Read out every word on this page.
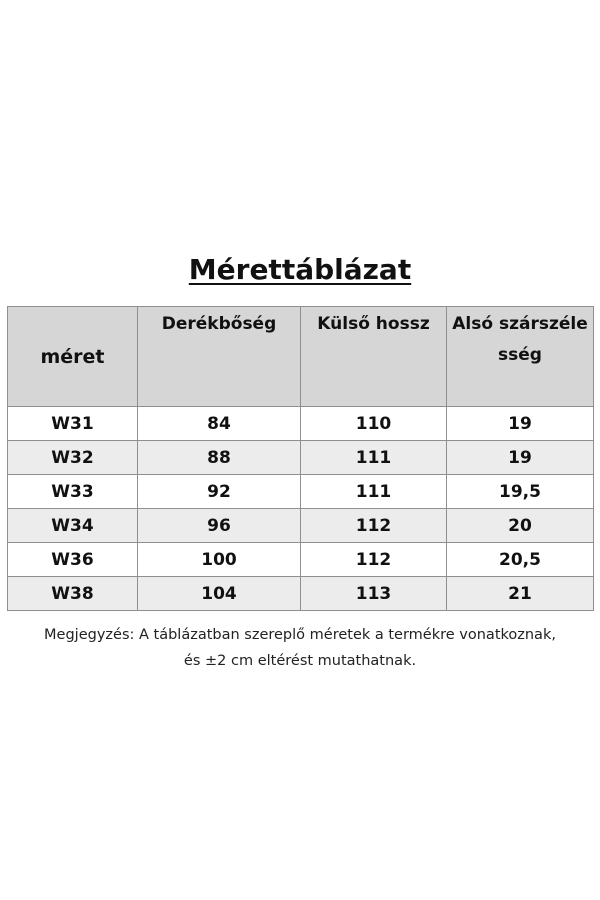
Mérettáblázat
méret	Derékbőség	Külső hossz	Alsó szárszélesség
W31	84	110	19
W32	88	111	19
W33	92	111	19,5
W34	96	112	20
W36	100	112	20,5
W38	104	113	21

Megjegyzés: A táblázatban szereplő méretek a termékre vonatkoznak, és ±2 cm eltérést mutathatnak.
